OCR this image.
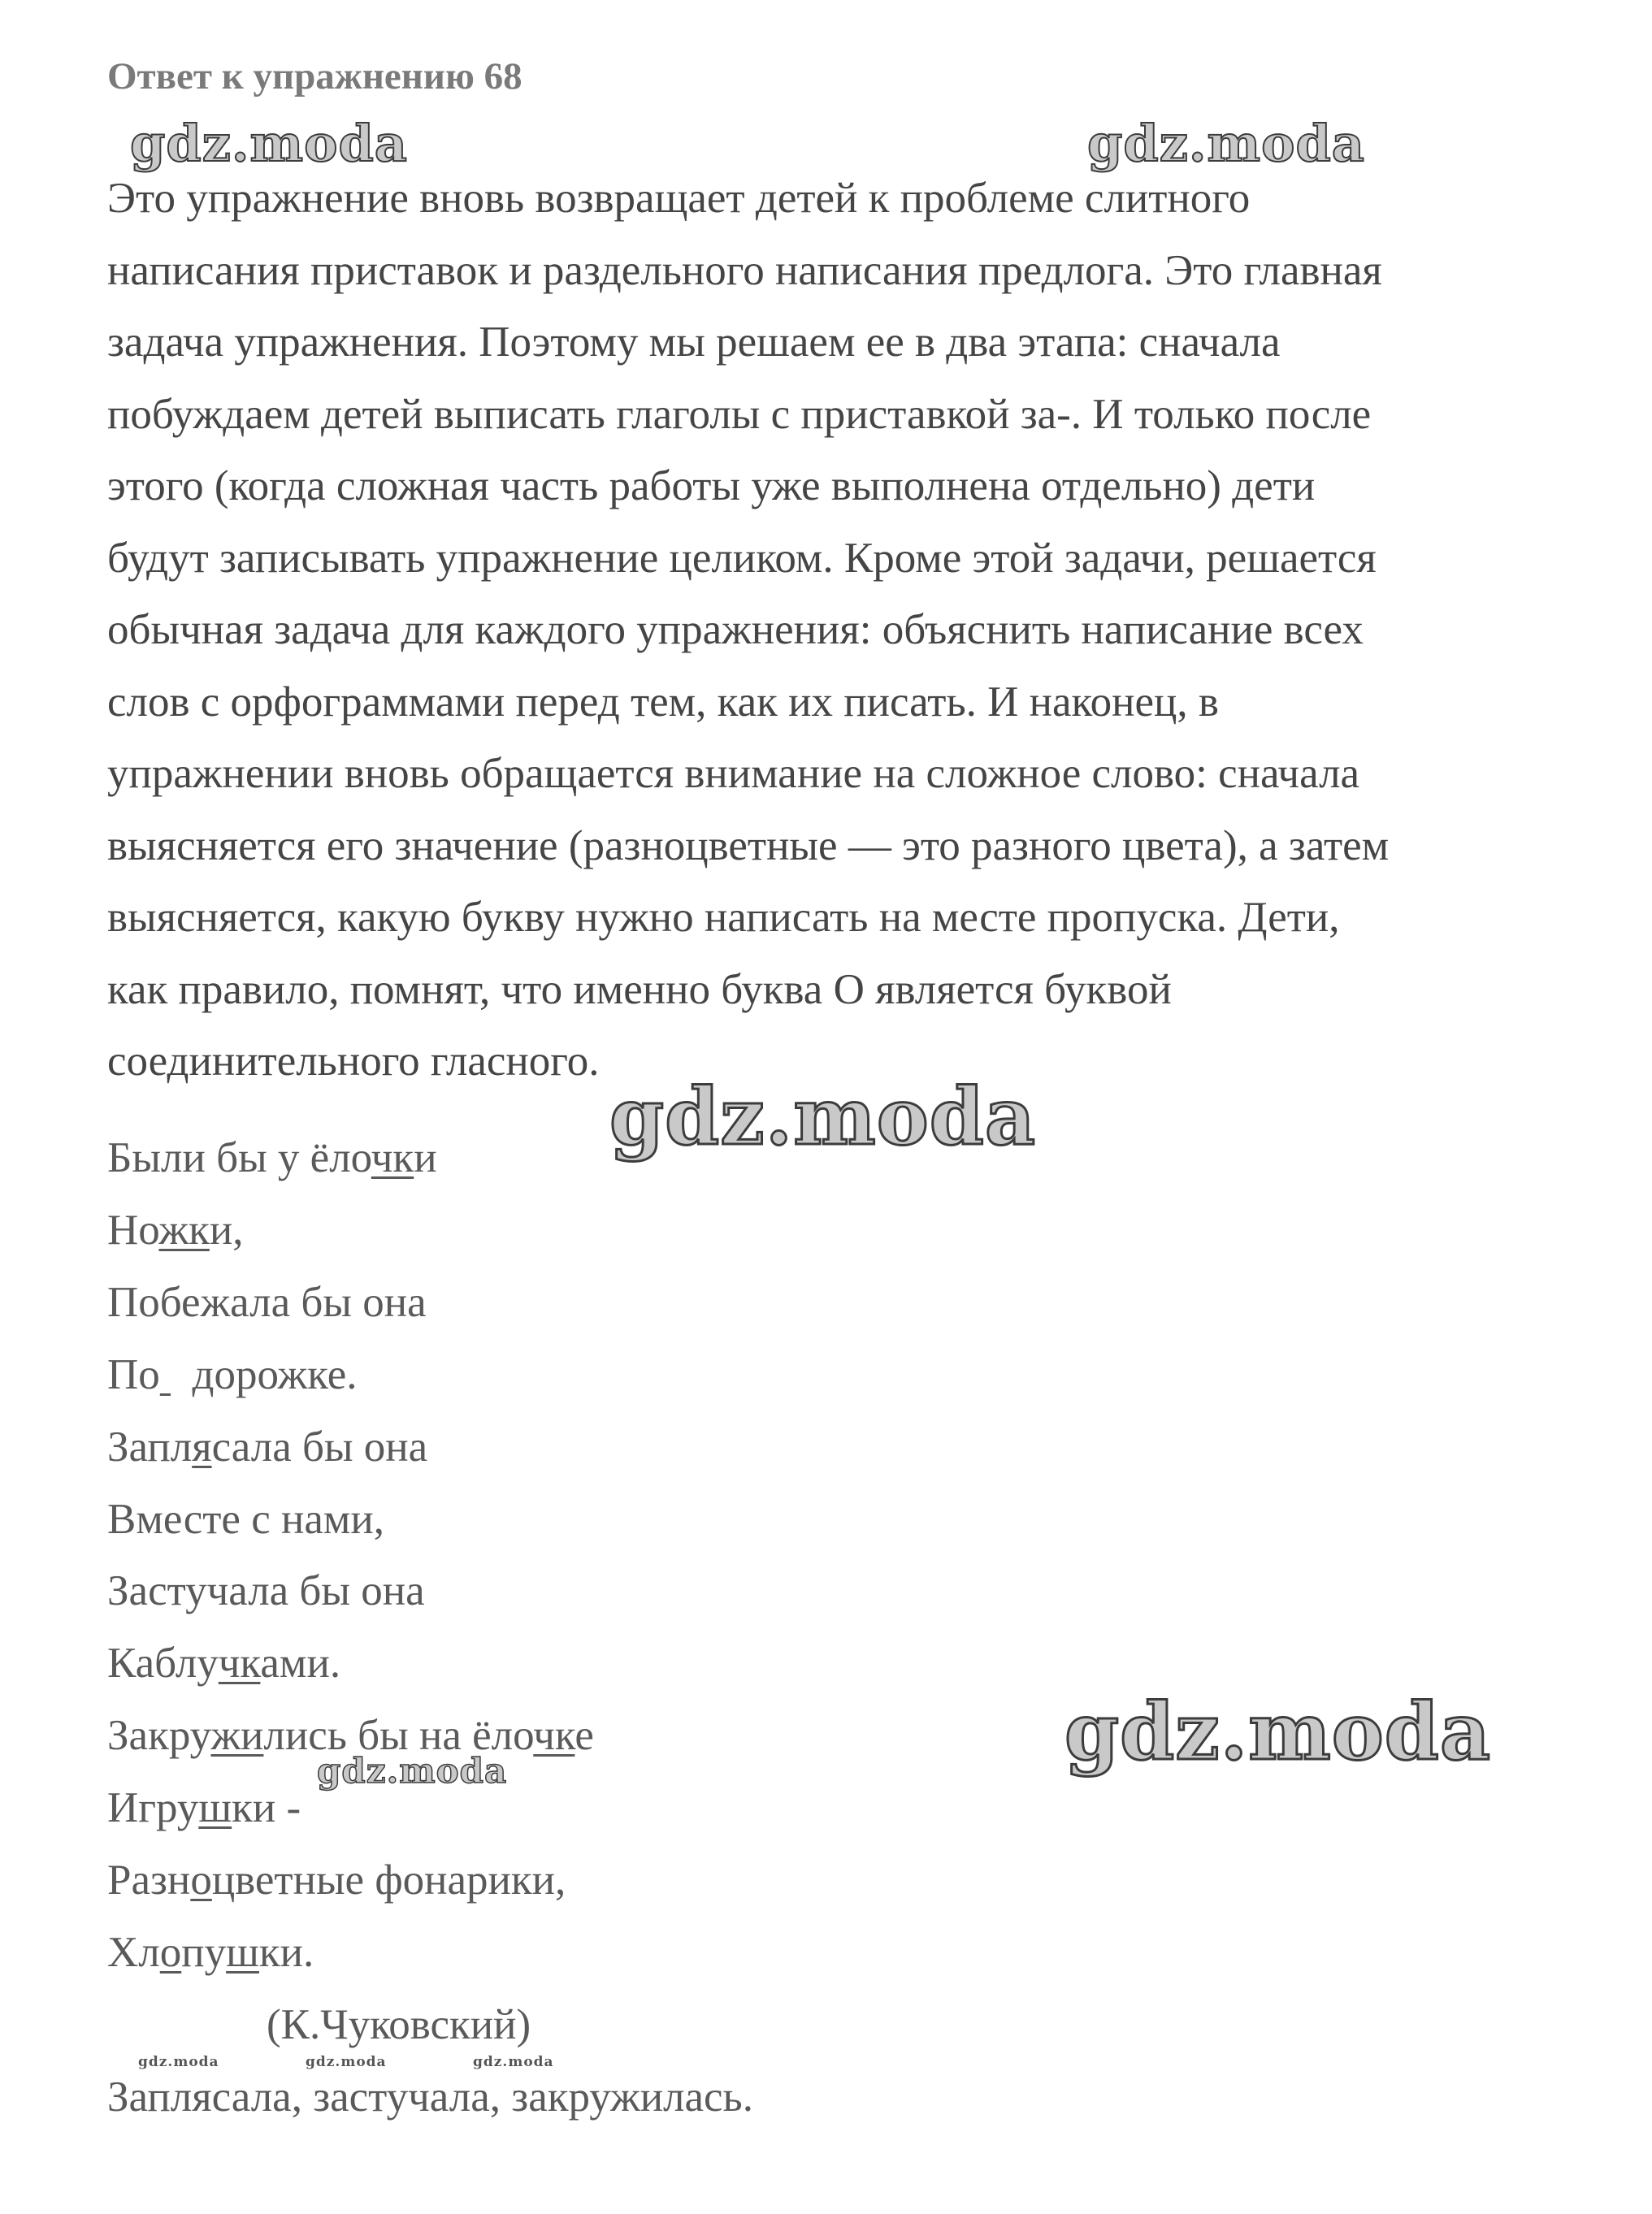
Ответ к упражнению 68
gdz.moda	gdz.moda

Это упражнение вновь возвращает детей к проблеме слитного

написания приставок и раздельного написания предлога. Это главная

задача упражнения. Поэтому мы решаем ее в два этапа: сначала

побуждаем детей выписать глаголы с приставкой за-. И только после

этого (когда сложная часть работы уже выполнена отдельно) дети

будут записывать упражнение целиком. Кроме этой задачи, решается

обычная задача для каждого упражнения: объяснить написание всех

слов с орфограммами перед тем, как их писать. И наконец, в

упражнении вновь обращается внимание на сложное слово: сначала

выясняется его значение (разноцветные — это разного цвета), а затем

выясняется, какую букву нужно написать на месте пропуска. Дети,

как правило, помнят, что именно буква О является буквой

соединительного гласного.

gdz.moda
Были бы у ёлочки
Ножки,
Побежала бы она
По   дорожке.
Заплясала бы она
Вместе с нами,
Застучала бы она
Каблучками.
Закружились бы на ёлочке
Игрушки -
Разноцветные фонарики,
Хлопушки.
(К.Чуковский)
Заплясала, застучала, закружилась.
gdz.moda
gdz.moda
gdz.moda	gdz.moda	gdz.moda
